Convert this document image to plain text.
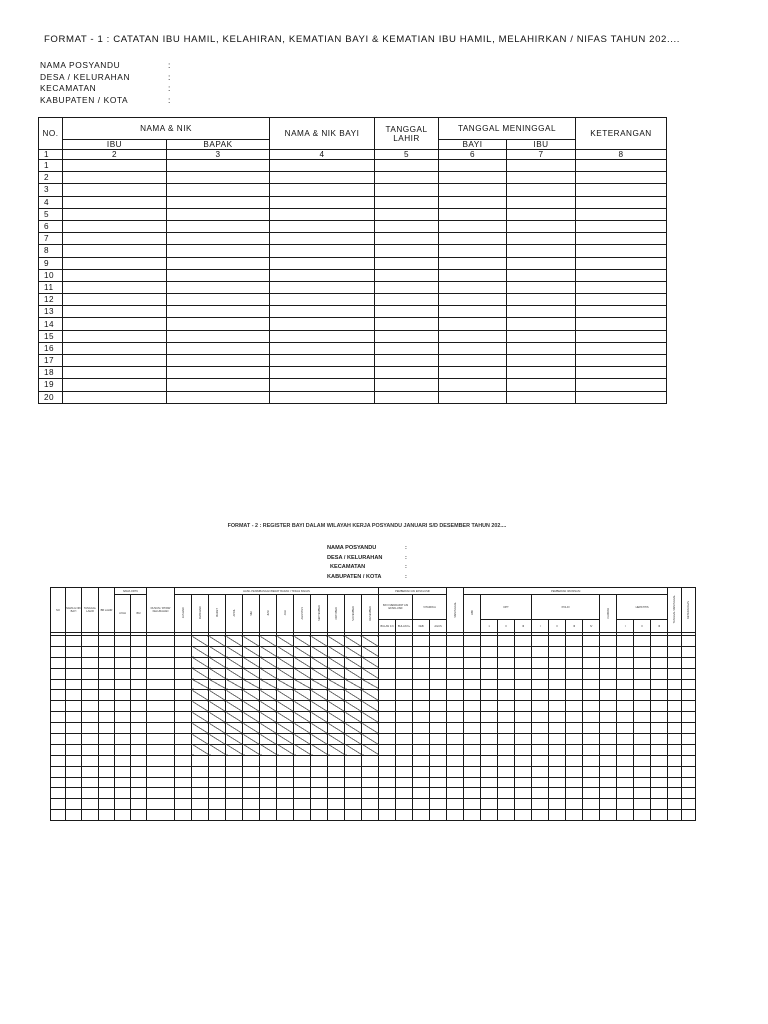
FORMAT - 1 : CATATAN IBU HAMIL, KELAHIRAN, KEMATIAN BAYI & KEMATIAN IBU HAMIL, MELAHIRKAN / NIFAS TAHUN 202....
NAMA POSYANDU	:
DESA / KELURAHAN	:
KECAMATAN	:
KABUPATEN / KOTA	:
NO.	NAMA & NIK		NAMA & NIK BAYI	TANGGAL LAHIR	TANGGAL MENINGGAL		KETERANGAN
	IBU	BAPAK			BAYI	IBU	
1	2	3	4	5	6	7	8
1							
2							
3							
4							
5							
6							
7							
8							
9							
10							
11							
12							
13							
14							
15							
16							
17							
18							
19							
20							
FORMAT - 2 : REGISTER BAYI DALAM WILAYAH KERJA POSYANDU JANUARI S/D DESEMBER TAHUN 202....
NAMA POSYANDU	:
DESA / KELURAHAN	:
KECAMATAN	:
KABUPATEN / KOTA	:
NO	NAMA & NIK BAYI	TANGGAL LAHIR	BB LAHIR	NAMA ORTU		DUSUN / RT/RW KELURAHAN	HASIL PENIMBANGAN BERAT BADAN / TINGGI BADAN												PEMBERIAN ASI EKSKLUSIF				MENINGGAL	PEMBERIAN IMUNISASI												TANGGAL MENINGGAL	KETERANGAN
				AYAH	IBU		JANUARI	FEBRUARI	MARET	APRIL	MEI	JUNI	JULI	AGUSTUS	SEPTEMBER	OKTOBER	NOVEMBER	DESEMBER	BAYI MENDAPAT ASI EKSKLUSIF		VITAMIN A			HB0	DPT			POLIO				CAMPAK	HEPATITIS				
																			BULAN 0-6	BULAN 6+	FEB	AGUS			1	II	III	I	II	III	IV		I	II	III		
1	2	3	4	5	6	7	8	9	10	11	12	13	14	15	16	17	18	19	20	21	22	23	24	25	26	27	28	29	30	31	32	33	34	35	36	37	38
